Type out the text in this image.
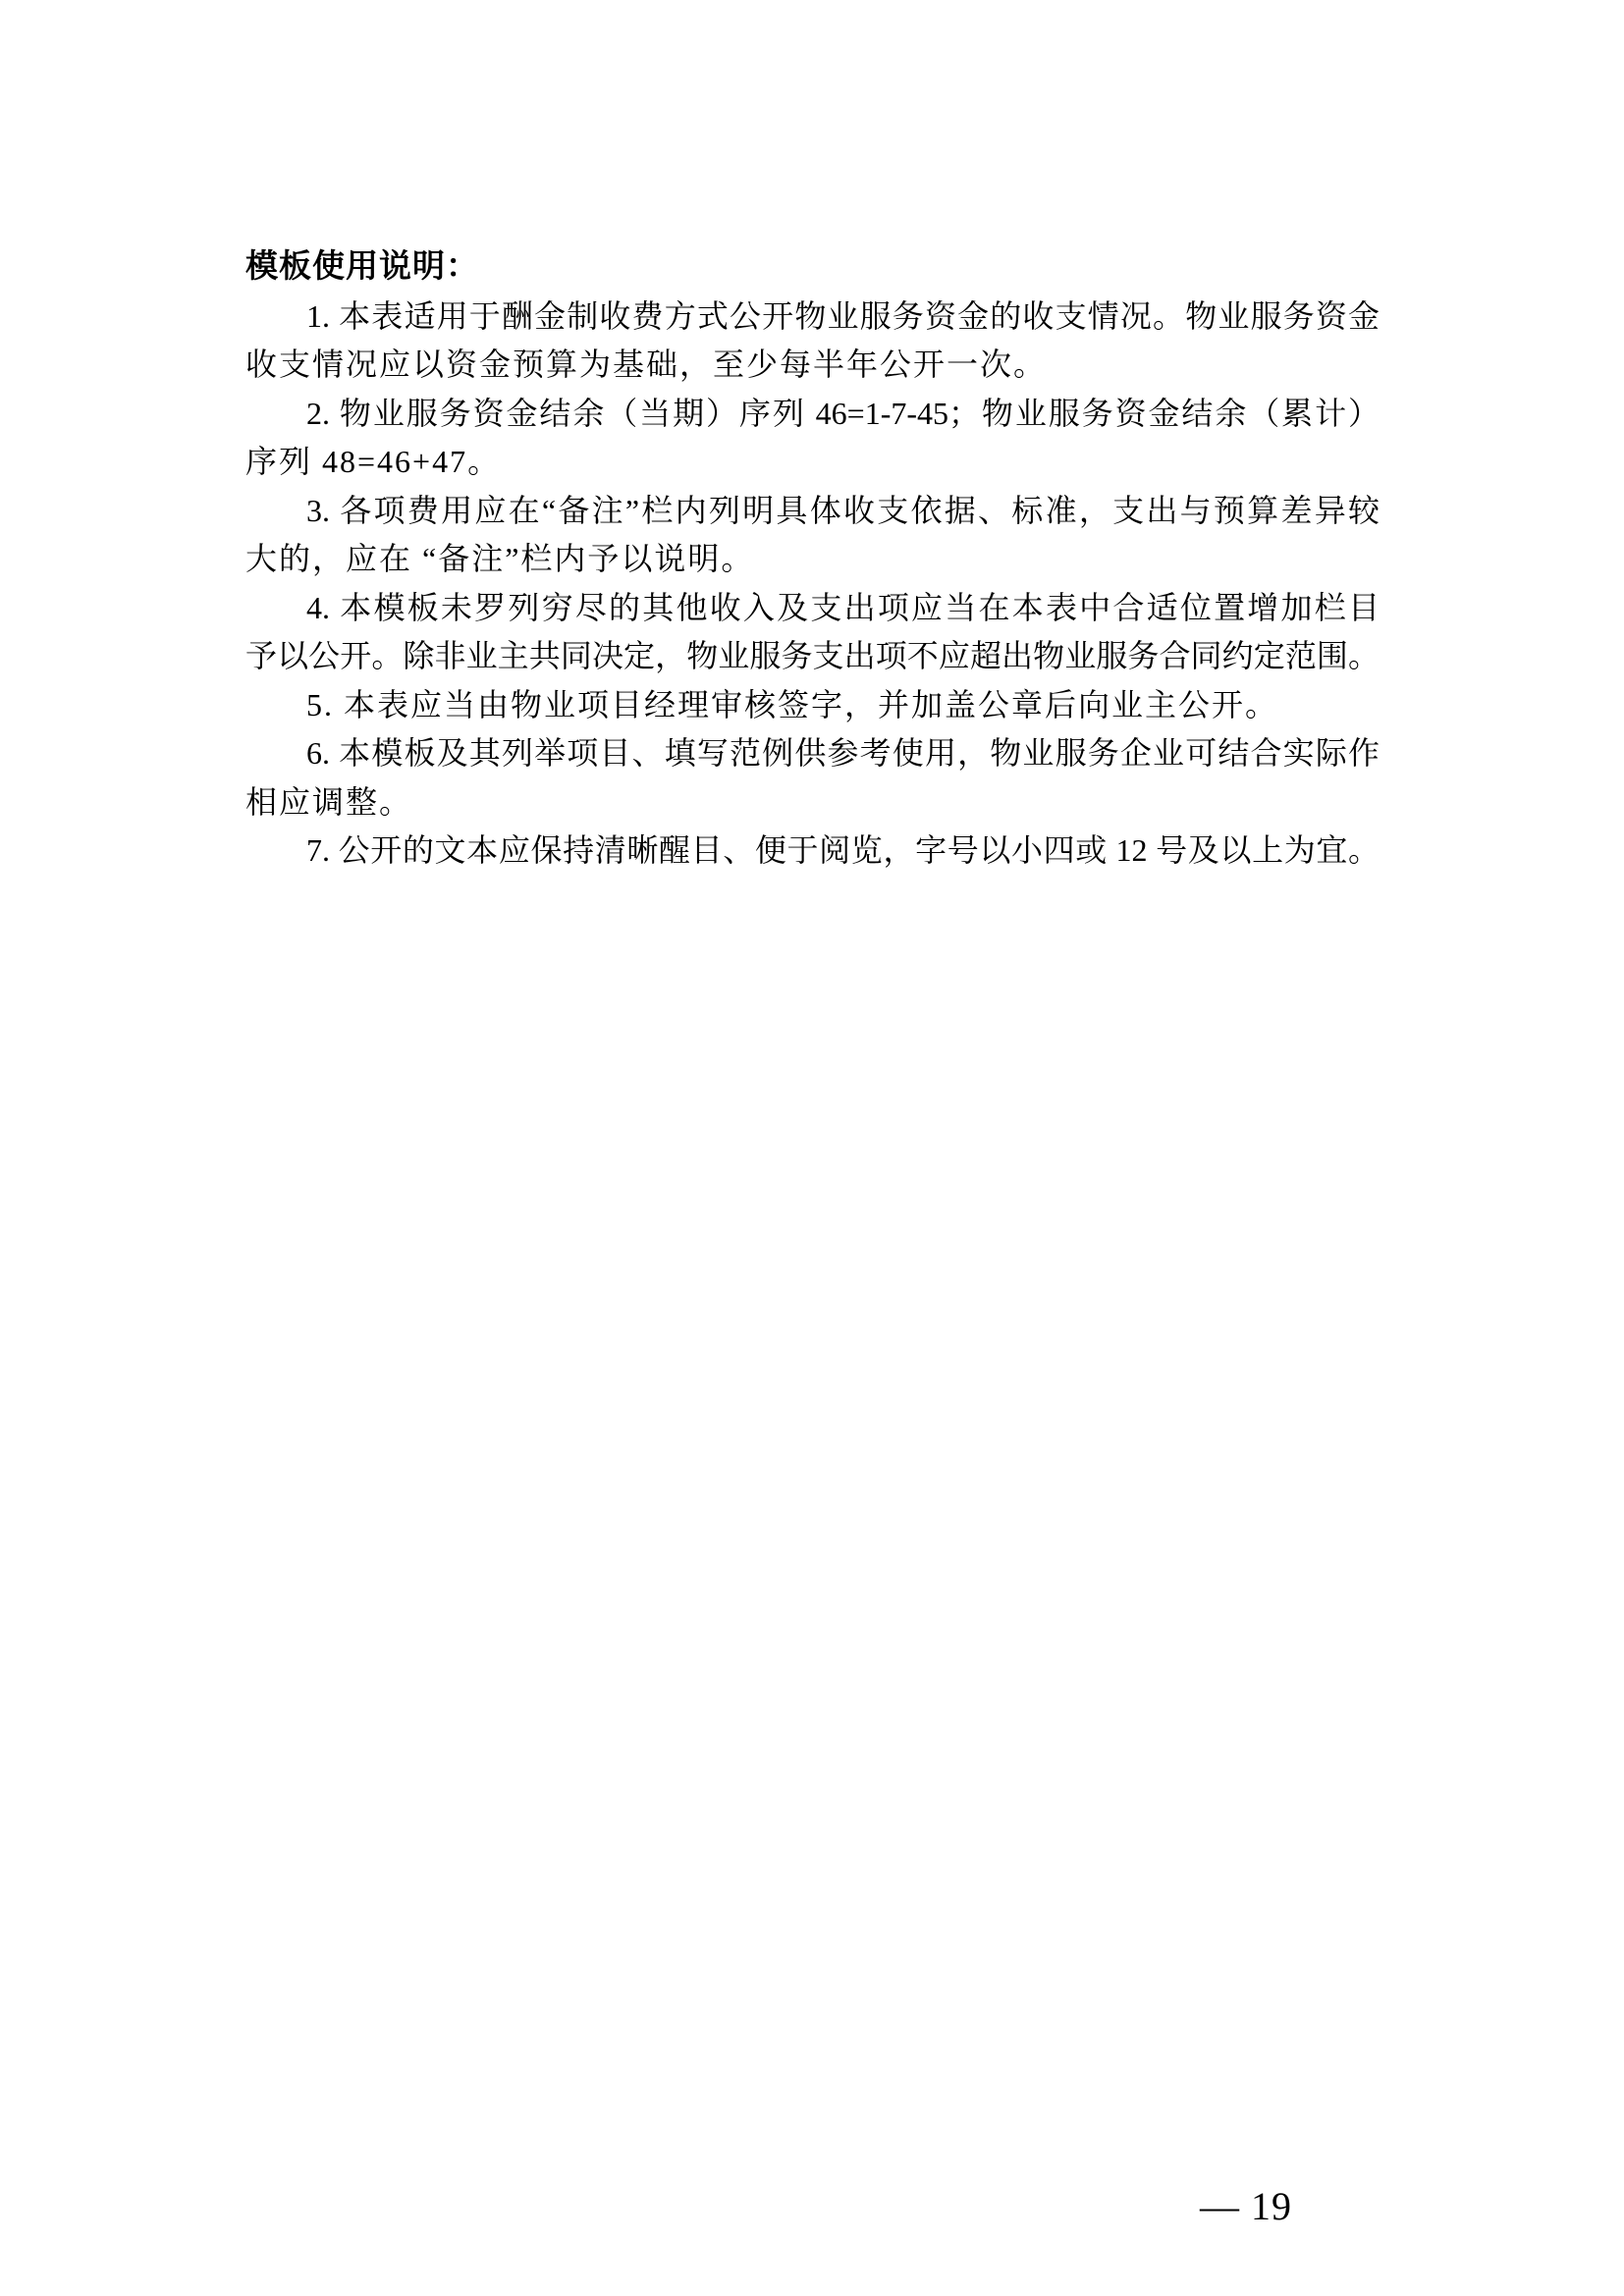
模板使用说明：
1. 本表适用于酬金制收费方式公开物业服务资金的收支情况。物业服务资金
收支情况应以资金预算为基础，至少每半年公开一次。
2. 物业服务资金结余（当期）序列 46=1-7-45；物业服务资金结余（累计）
序列 48=46+47。
3. 各项费用应在“备注”栏内列明具体收支依据、标准，支出与预算差异较
大的，应在 “备注”栏内予以说明。
4. 本模板未罗列穷尽的其他收入及支出项应当在本表中合适位置增加栏目
予以公开。除非业主共同决定，物业服务支出项不应超出物业服务合同约定范围。
5. 本表应当由物业项目经理审核签字，并加盖公章后向业主公开。
6. 本模板及其列举项目、填写范例供参考使用，物业服务企业可结合实际作
相应调整。
7. 公开的文本应保持清晰醒目、便于阅览，字号以小四或 12 号及以上为宜。
— 19
